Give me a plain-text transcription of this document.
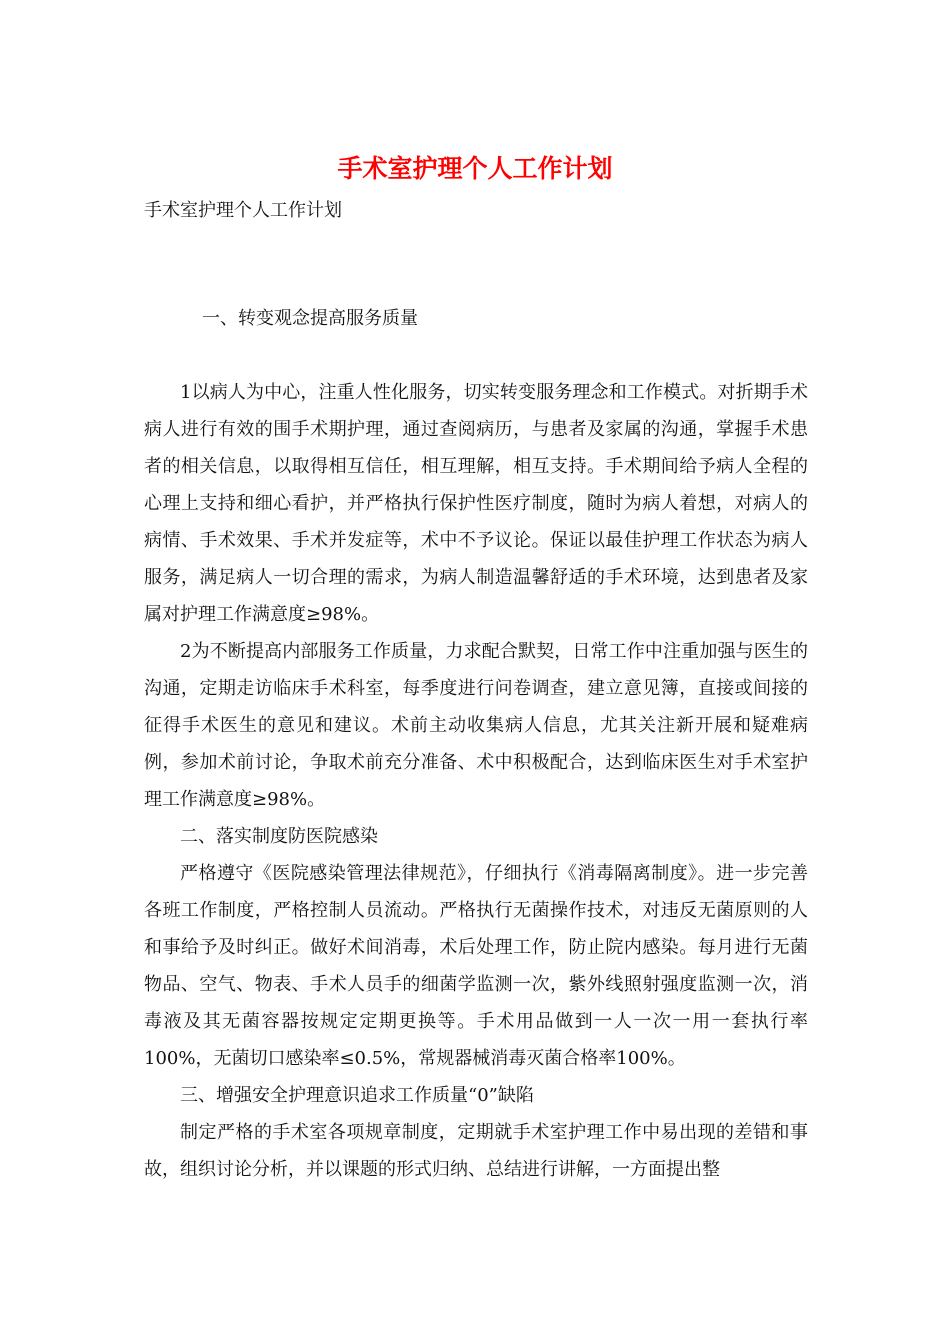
手术室护理个人工作计划

手术室护理个人工作计划

一、转变观念提高服务质量

1以病人为中心，注重人性化服务，切实转变服务理念和工作模式。对折期手术病人进行有效的围手术期护理，通过查阅病历，与患者及家属的沟通，掌握手术患者的相关信息，以取得相互信任，相互理解，相互支持。手术期间给予病人全程的心理上支持和细心看护，并严格执行保护性医疗制度，随时为病人着想，对病人的病情、手术效果、手术并发症等，术中不予议论。保证以最佳护理工作状态为病人服务，满足病人一切合理的需求，为病人制造温馨舒适的手术环境，达到患者及家属对护理工作满意度≥98%。

2为不断提高内部服务工作质量，力求配合默契，日常工作中注重加强与医生的沟通，定期走访临床手术科室，每季度进行问卷调查，建立意见簿，直接或间接的征得手术医生的意见和建议。术前主动收集病人信息，尤其关注新开展和疑难病例，参加术前讨论，争取术前充分准备、术中积极配合，达到临床医生对手术室护理工作满意度≥98%。

二、落实制度防医院感染

严格遵守《医院感染管理法律规范》，仔细执行《消毒隔离制度》。进一步完善各班工作制度，严格控制人员流动。严格执行无菌操作技术，对违反无菌原则的人和事给予及时纠正。做好术间消毒，术后处理工作，防止院内感染。每月进行无菌物品、空气、物表、手术人员手的细菌学监测一次，紫外线照射强度监测一次，消毒液及其无菌容器按规定定期更换等。手术用品做到一人一次一用一套执行率100%，无菌切口感染率≤0.5%，常规器械消毒灭菌合格率100%。

三、增强安全护理意识追求工作质量“0”缺陷

制定严格的手术室各项规章制度，定期就手术室护理工作中易出现的差错和事故，组织讨论分析，并以课题的形式归纳、总结进行讲解，一方面提出整
